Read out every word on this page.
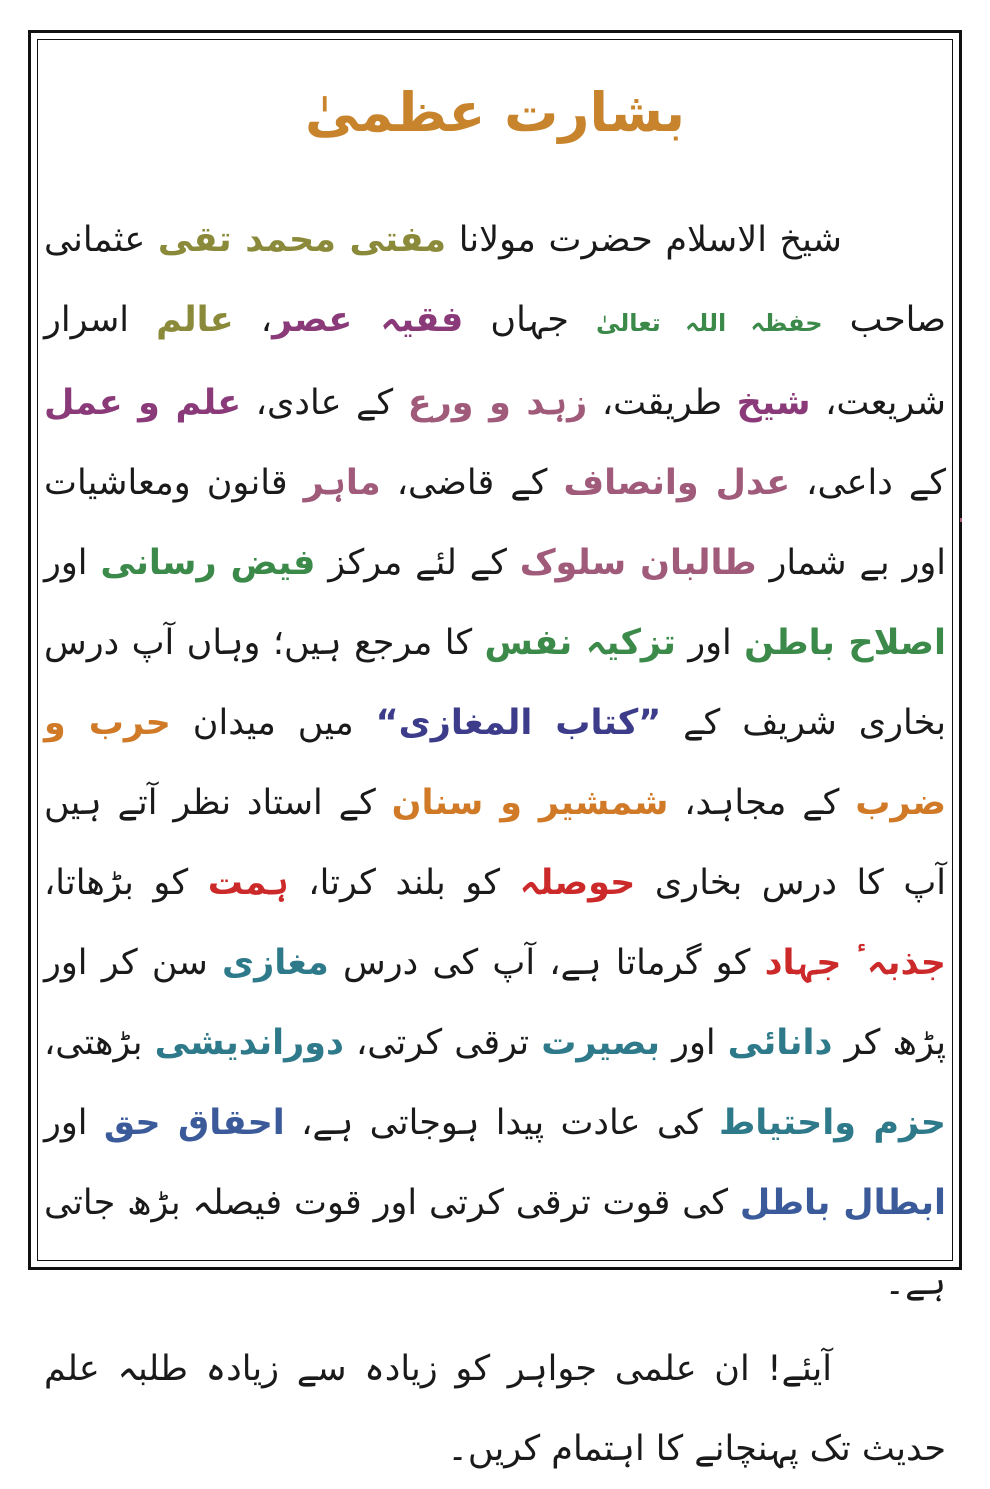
بشارت عظمیٰ

شیخ الاسلام حضرت مولانا مفتی محمد تقی عثمانی صاحب حفظہ اللہ تعالیٰ جہاں فقیہ عصر، عالم اسرار شریعت، شیخ طریقت، زہد و ورع کے عادی، علم و عمل کے داعی، عدل وانصاف کے قاضی، ماہر قانون ومعاشیات اور بے شمار طالبان سلوک کے لئے مرکز فیض رسانی اور اصلاح باطن اور تزکیہ نفس کا مرجع ہیں؛ وہاں آپ درس بخاری شریف کے ”کتاب المغازی“ میں میدان حرب و ضرب کے مجاہد، شمشیر و سنان کے استاد نظر آتے ہیں آپ کا درس بخاری حوصلہ کو بلند کرتا، ہمت کو بڑھاتا، جذبہٴ جہاد کو گرماتا ہے، آپ کی درس مغازی سن کر اور پڑھ کر دانائی اور بصیرت ترقی کرتی، دوراندیشی بڑھتی، حزم واحتیاط کی عادت پیدا ہوجاتی ہے، احقاق حق اور ابطال باطل کی قوت ترقی کرتی اور قوت فیصلہ بڑھ جاتی ہے۔

آیئے! ان علمی جواہر کو زیادہ سے زیادہ طلبہ علم حدیث تک پہنچانے کا اہتمام کریں۔
